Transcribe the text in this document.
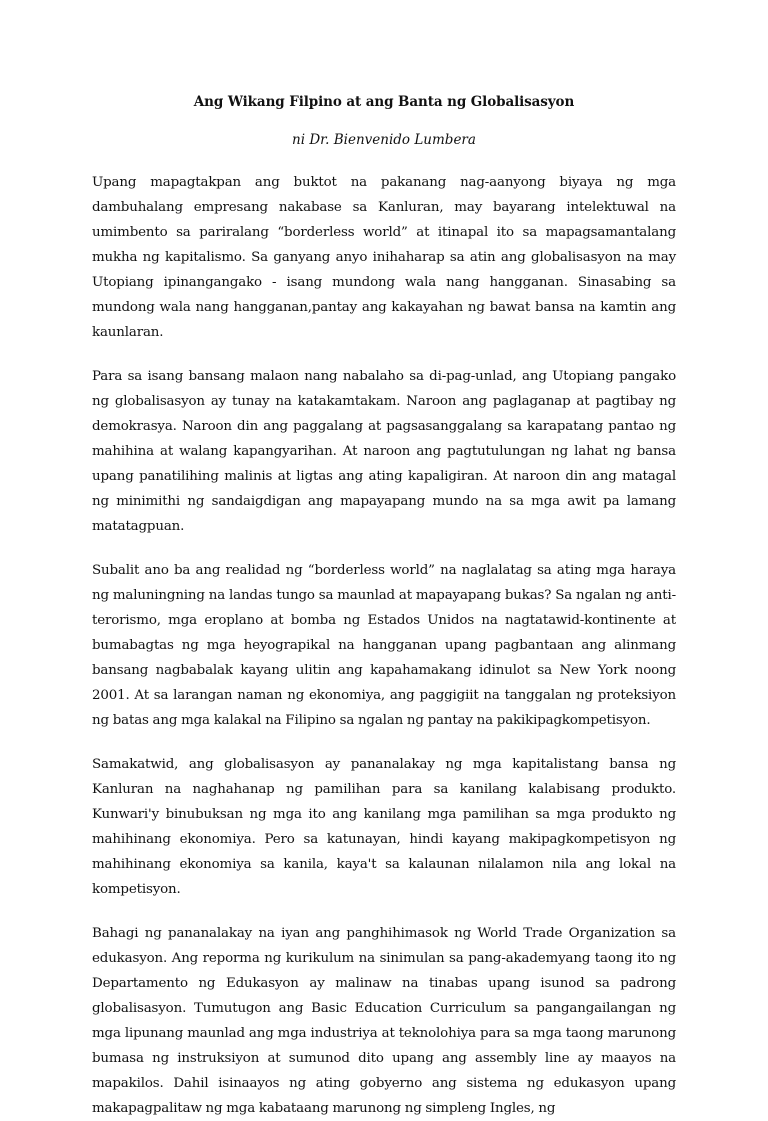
Ang Wikang Filpino at ang Banta ng Globalisasyon

ni Dr. Bienvenido Lumbera

Upang mapagtakpan ang buktot na pakanang nag-aanyong biyaya ng mga dambuhalang empresang nakabase sa Kanluran, may bayarang intelektuwal na umimbento sa pariralang “borderless world” at itinapal ito sa mapagsamantalang mukha ng kapitalismo. Sa ganyang anyo inihaharap sa atin ang globalisasyon na may Utopiang ipinangangako - isang mundong wala nang hangganan. Sinasabing sa mundong wala nang hangganan,pantay ang kakayahan ng bawat bansa na kamtin ang kaunlaran.

Para sa isang bansang malaon nang nabalaho sa di-pag-unlad, ang Utopiang pangako ng globalisasyon ay tunay na katakamtakam. Naroon ang paglaganap at pagtibay ng demokrasya. Naroon din ang paggalang at pagsasanggalang sa karapatang pantao ng mahihina at walang kapangyarihan. At naroon ang pagtutulungan ng lahat ng bansa upang panatilihing malinis at ligtas ang ating kapaligiran. At naroon din ang matagal ng minimithi ng sandaigdigan ang mapayapang mundo na sa mga awit pa lamang matatagpuan.

Subalit ano ba ang realidad ng “borderless world” na naglalatag sa ating mga haraya ng maluningning na landas tungo sa maunlad at mapayapang bukas? Sa ngalan ng anti-terorismo, mga eroplano at bomba ng Estados Unidos na nagtatawid-kontinente at bumabagtas ng mga heyograpikal na hangganan upang pagbantaan ang alinmang bansang nagbabalak kayang ulitin ang kapahamakang idinulot sa New York noong 2001. At sa larangan naman ng ekonomiya, ang paggigiit na tanggalan ng proteksiyon ng batas ang mga kalakal na Filipino sa ngalan ng pantay na pakikipagkompetisyon.

Samakatwid, ang globalisasyon ay pananalakay ng mga kapitalistang bansa ng Kanluran na naghahanap ng pamilihan para sa kanilang kalabisang produkto. Kunwari'y binubuksan ng mga ito ang kanilang mga pamilihan sa mga produkto ng mahihinang ekonomiya. Pero sa katunayan, hindi kayang makipagkompetisyon ng mahihinang ekonomiya sa kanila, kaya't sa kalaunan nilalamon nila ang lokal na kompetisyon.

Bahagi ng pananalakay na iyan ang panghihimasok ng World Trade Organization sa edukasyon. Ang reporma ng kurikulum na sinimulan sa pang-akademyang taong ito ng Departamento ng Edukasyon ay malinaw na tinabas upang isunod sa padrong globalisasyon. Tumutugon ang Basic Education Curriculum sa pangangailangan ng mga lipunang maunlad ang mga industriya at teknolohiya para sa mga taong marunong bumasa ng instruksiyon at sumunod dito upang ang assembly line ay maayos na mapakilos. Dahil isinaayos ng ating gobyerno ang sistema ng edukasyon upang makapagpalitaw ng mga kabataang marunong ng simpleng Ingles, ng
